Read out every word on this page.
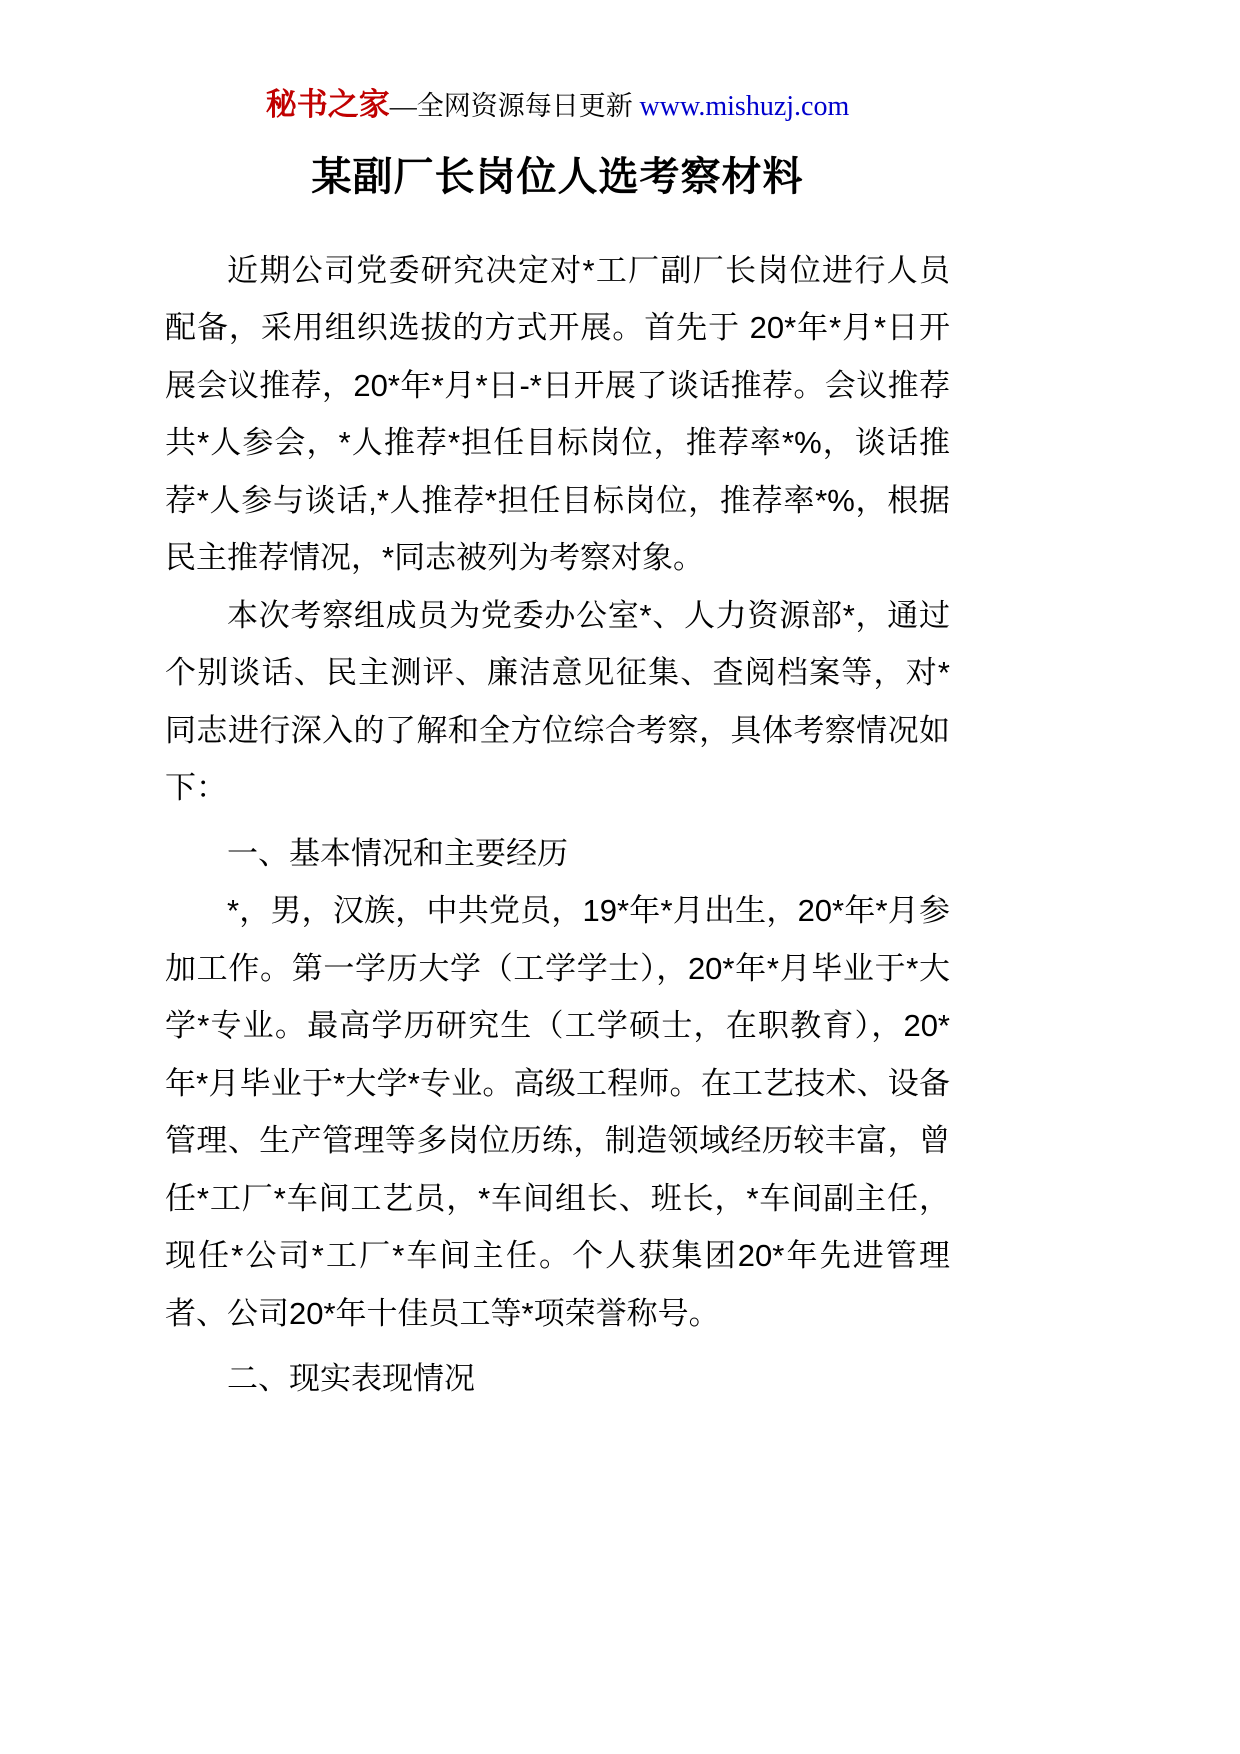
秘书之家—全网资源每日更新 www.mishuzj.com
某副厂长岗位人选考察材料

近期公司党委研究决定对*工厂副厂长岗位进行人员配备，采用组织选拔的方式开展。首先于 20*年*月*日开展会议推荐，20*年*月*日-*日开展了谈话推荐。会议推荐共*人参会，*人推荐*担任目标岗位，推荐率*%，谈话推荐*人参与谈话,*人推荐*担任目标岗位，推荐率*%，根据民主推荐情况，*同志被列为考察对象。

本次考察组成员为党委办公室*、人力资源部*，通过个别谈话、民主测评、廉洁意见征集、查阅档案等，对*同志进行深入的了解和全方位综合考察，具体考察情况如下：

一、基本情况和主要经历

*，男，汉族，中共党员，19*年*月出生，20*年*月参加工作。第一学历大学（工学学士），20*年*月毕业于*大学*专业。最高学历研究生（工学硕士，在职教育），20*年*月毕业于*大学*专业。高级工程师。在工艺技术、设备管理、生产管理等多岗位历练，制造领域经历较丰富，曾任*工厂*车间工艺员，*车间组长、班长，*车间副主任，现任*公司*工厂*车间主任。个人获集团20*年先进管理者、公司20*年十佳员工等*项荣誉称号。

二、现实表现情况
